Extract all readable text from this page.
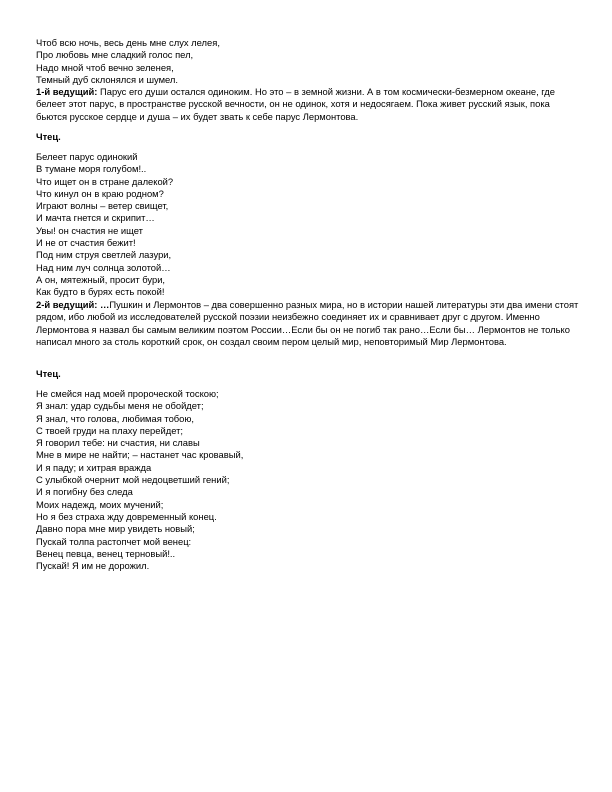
Чтоб всю ночь, весь день мне слух лелея,
Про любовь мне сладкий голос пел,
Надо мной чтоб вечно зеленея,
Темный дуб склонялся и шумел.
1-й ведущий: Парус его души остался одиноким. Но это – в земной жизни. А в том космически-безмерном океане, где белеет этот парус, в пространстве русской вечности, он не одинок, хотя и недосягаем. Пока живет русский язык, пока бьются русское сердце и душа – их будет звать к себе парус Лермонтова.
Чтец.
Белеет парус одинокий
В тумане моря голубом!..
Что ищет он в стране далекой?
Что кинул он в краю родном?
Играют волны – ветер свищет,
И мачта гнется и скрипит…
Увы! он счастия не ищет
И не от счастия бежит!
Под ним струя светлей лазури,
Над ним луч солнца золотой…
А он, мятежный, просит бури,
Как будто в бурях есть покой!
2-й ведущий: …Пушкин и Лермонтов – два совершенно разных мира, но в истории нашей литературы эти два имени стоят рядом, ибо любой из исследователей русской поэзии неизбежно соединяет их и сравнивает друг с другом. Именно Лермонтова я назвал бы самым великим поэтом России…Если бы он не погиб так рано…Если бы… Лермонтов не только написал много за столь короткий срок, он создал своим пером целый мир, неповторимый Мир Лермонтова.
Чтец.
Не смейся над моей пророческой тоскою;
Я знал: удар судьбы меня не обойдет;
Я знал, что голова, любимая тобою,
С твоей груди на плаху перейдет;
Я говорил тебе: ни счастия, ни славы
Мне в мире не найти; – настанет час кровавый,
И я паду; и хитрая вражда
С улыбкой очернит мой недоцветший гений;
И я погибну без следа
Моих надежд, моих мучений;
Но я без страха жду довременный конец.
Давно пора мне мир увидеть новый;
Пускай толпа растопчет мой венец:
Венец певца, венец терновый!..
Пускай! Я им не дорожил.
